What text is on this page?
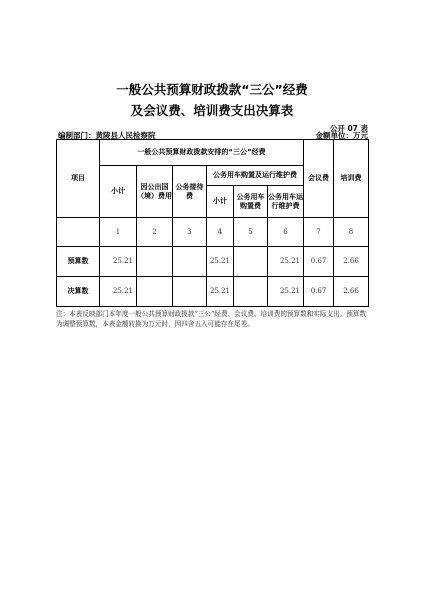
一般公共预算财政拨款“三公”经费
及会议费、培训费支出决算表
公开 07 表
编制部门：黄陵县人民检察院	金额单位：万元
项目	一般公共预算财政拨款安排的“三公”经费						会议费	培训费
	小计	因公出国（境）费用	公务接待费	公务用车购置及运行维护费				
				小计	公务用车购置费	公务用车运行维护费		

	1	2	3	4	5	6	7	8
预算数	25.21			25.21		25.21	0.67	2.66
决算数	25.21			25.21		25.21	0.67	2.66
注：本表反映部门本年度一般公共预算财政拨款“三公”经费、会议费、培训费的预算数和实际支出。预算数为调整预算数，本表金额转换为万元时，因四舍五入可能存在尾差。
